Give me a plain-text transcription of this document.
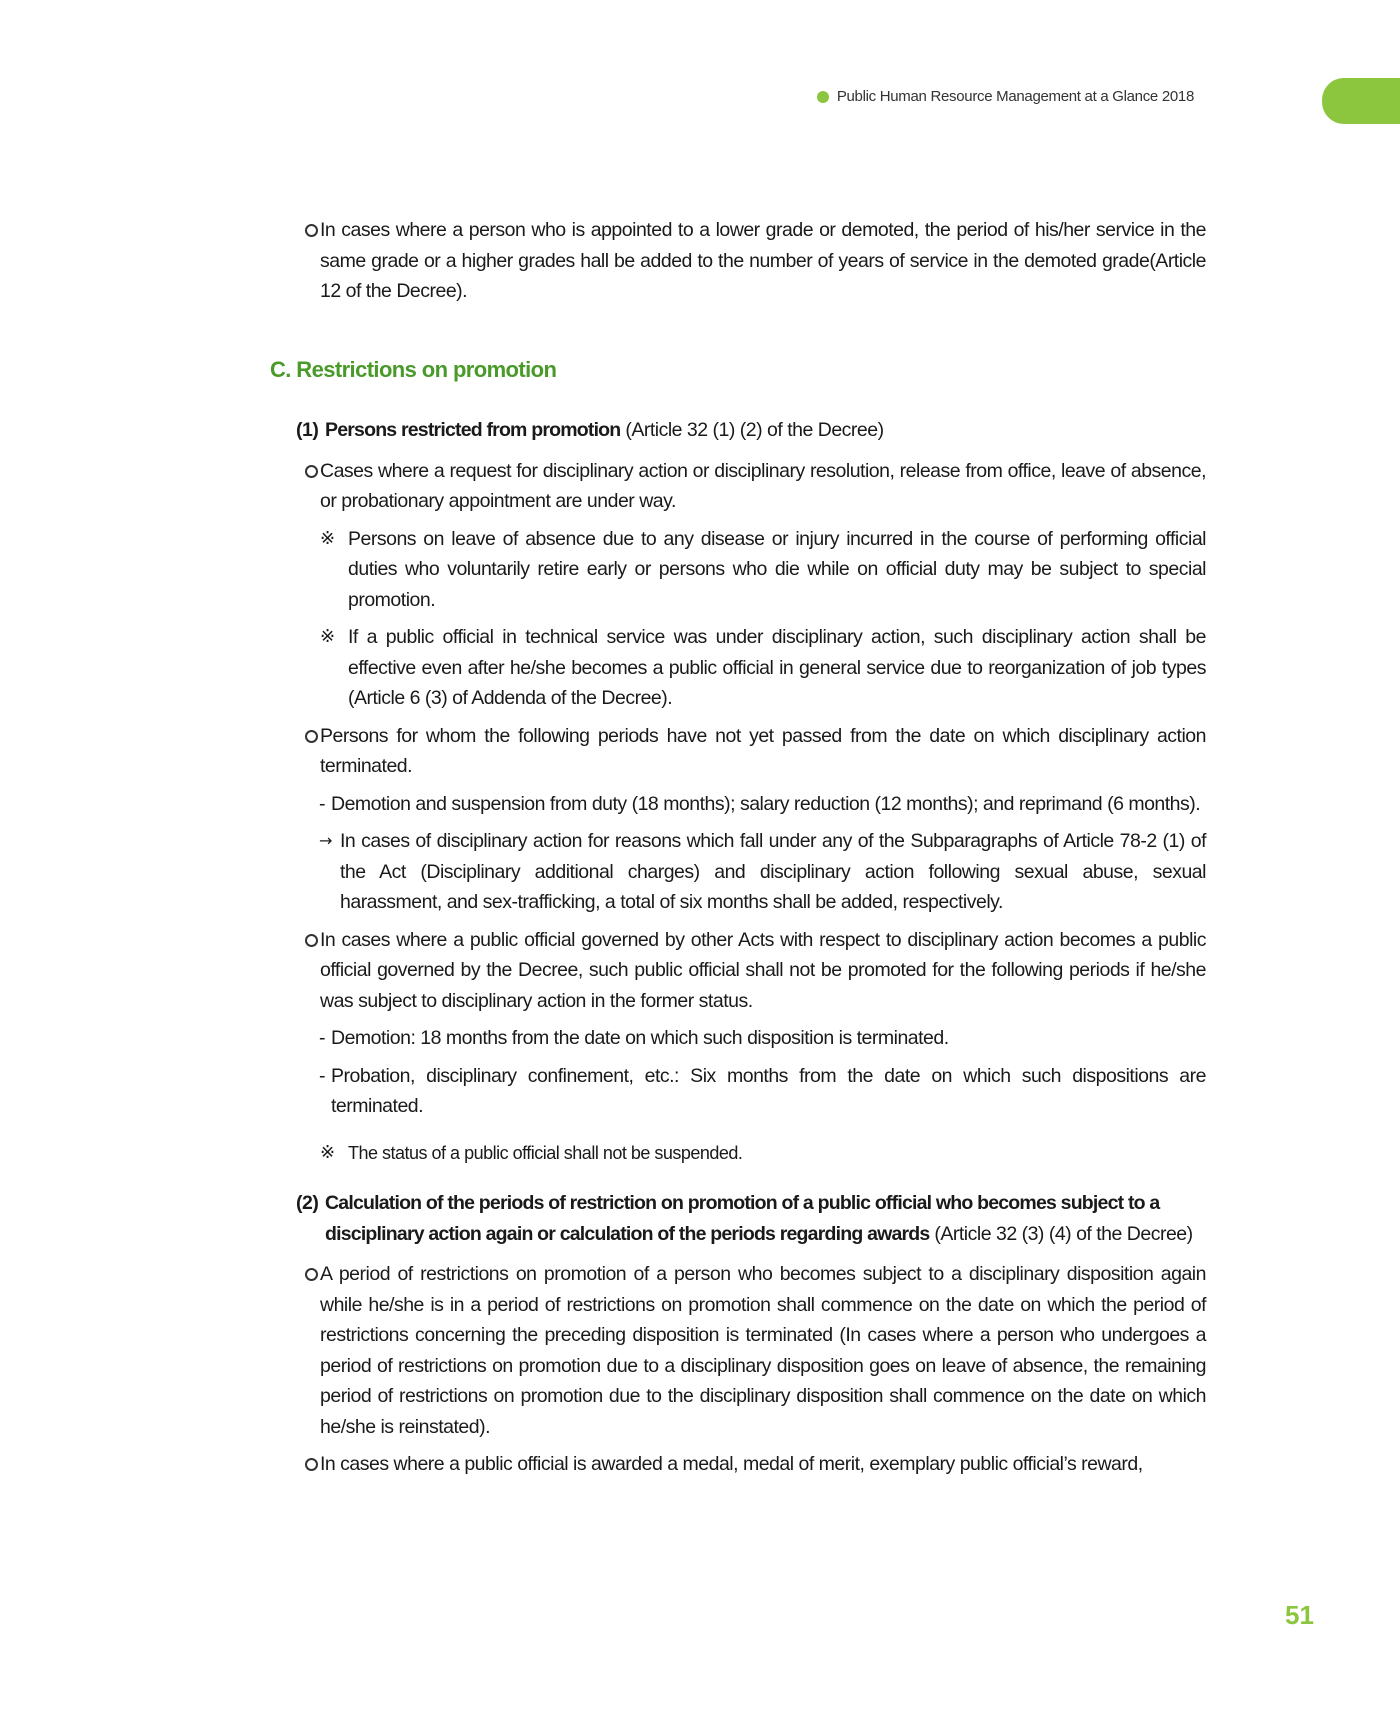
Public Human Resource Management at a Glance 2018

In cases where a person who is appointed to a lower grade or demoted, the period of his/her service in the same grade or a higher grades hall be added to the number of years of service in the demoted grade(Article 12 of the Decree).

C. Restrictions on promotion

(1) Persons restricted from promotion (Article 32 (1) (2) of the Decree)

Cases where a request for disciplinary action or disciplinary resolution, release from office, leave of absence, or probationary appointment are under way.

※ Persons on leave of absence due to any disease or injury incurred in the course of performing official duties who voluntarily retire early or persons who die while on official duty may be subject to special promotion.

※ If a public official in technical service was under disciplinary action, such disciplinary action shall be effective even after he/she becomes a public official in general service due to reorganization of job types (Article 6 (3) of Addenda of the Decree).

Persons for whom the following periods have not yet passed from the date on which disciplinary action terminated.

- Demotion and suspension from duty (18 months); salary reduction (12 months); and reprimand (6 months).

→ In cases of disciplinary action for reasons which fall under any of the Subparagraphs of Article 78-2 (1) of the Act (Disciplinary additional charges) and disciplinary action following sexual abuse, sexual harassment, and sex-trafficking, a total of six months shall be added, respectively.

In cases where a public official governed by other Acts with respect to disciplinary action becomes a public official governed by the Decree, such public official shall not be promoted for the following periods if he/she was subject to disciplinary action in the former status.

- Demotion: 18 months from the date on which such disposition is terminated.

- Probation, disciplinary confinement, etc.: Six months from the date on which such dispositions are terminated.

※ The status of a public official shall not be suspended.

(2) Calculation of the periods of restriction on promotion of a public official who becomes subject to a disciplinary action again or calculation of the periods regarding awards (Article 32 (3) (4) of the Decree)

A period of restrictions on promotion of a person who becomes subject to a disciplinary disposition again while he/she is in a period of restrictions on promotion shall commence on the date on which the period of restrictions concerning the preceding disposition is terminated (In cases where a person who undergoes a period of restrictions on promotion due to a disciplinary disposition goes on leave of absence, the remaining period of restrictions on promotion due to the disciplinary disposition shall commence on the date on which he/she is reinstated).

In cases where a public official is awarded a medal, medal of merit, exemplary public official’s reward,

51
